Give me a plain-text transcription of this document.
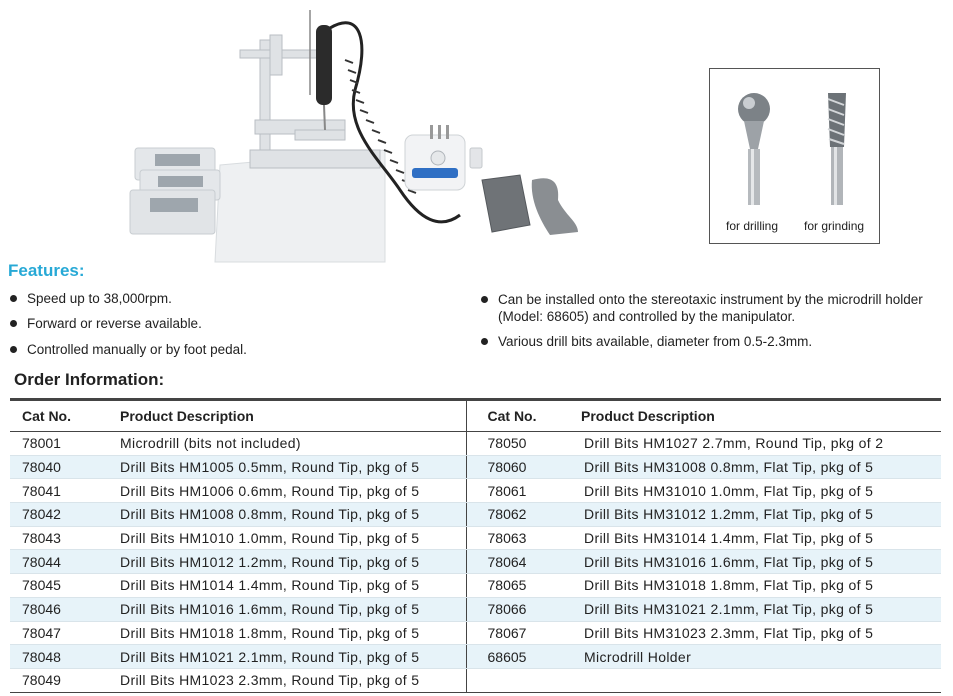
for drilling for grinding
Features:
Speed up to 38,000rpm.
Forward or reverse available.
Controlled manually or by foot pedal.
Can be installed onto the stereotaxic instrument by the microdrill holder (Model: 68605) and controlled by the manipulator.
Various drill bits available, diameter from 0.5-2.3mm.
Order Information:
Cat No.	Product Description	Cat No.	Product Description
78001	Microdrill (bits not included)	78050	Drill Bits HM1027 2.7mm, Round Tip, pkg of 2
78040	Drill Bits HM1005 0.5mm, Round Tip, pkg of 5	78060	Drill Bits HM31008 0.8mm, Flat Tip, pkg of 5
78041	Drill Bits HM1006 0.6mm, Round Tip, pkg of 5	78061	Drill Bits HM31010 1.0mm, Flat Tip, pkg of 5
78042	Drill Bits HM1008 0.8mm, Round Tip, pkg of 5	78062	Drill Bits HM31012 1.2mm, Flat Tip, pkg of 5
78043	Drill Bits HM1010 1.0mm, Round Tip, pkg of 5	78063	Drill Bits HM31014 1.4mm, Flat Tip, pkg of 5
78044	Drill Bits HM1012 1.2mm, Round Tip, pkg of 5	78064	Drill Bits HM31016 1.6mm, Flat Tip, pkg of 5
78045	Drill Bits HM1014 1.4mm, Round Tip, pkg of 5	78065	Drill Bits HM31018 1.8mm, Flat Tip, pkg of 5
78046	Drill Bits HM1016 1.6mm, Round Tip, pkg of 5	78066	Drill Bits HM31021 2.1mm, Flat Tip, pkg of 5
78047	Drill Bits HM1018 1.8mm, Round Tip, pkg of 5	78067	Drill Bits HM31023 2.3mm, Flat Tip, pkg of 5
78048	Drill Bits HM1021 2.1mm, Round Tip, pkg of 5	68605	Microdrill Holder
78049	Drill Bits HM1023 2.3mm, Round Tip, pkg of 5		
